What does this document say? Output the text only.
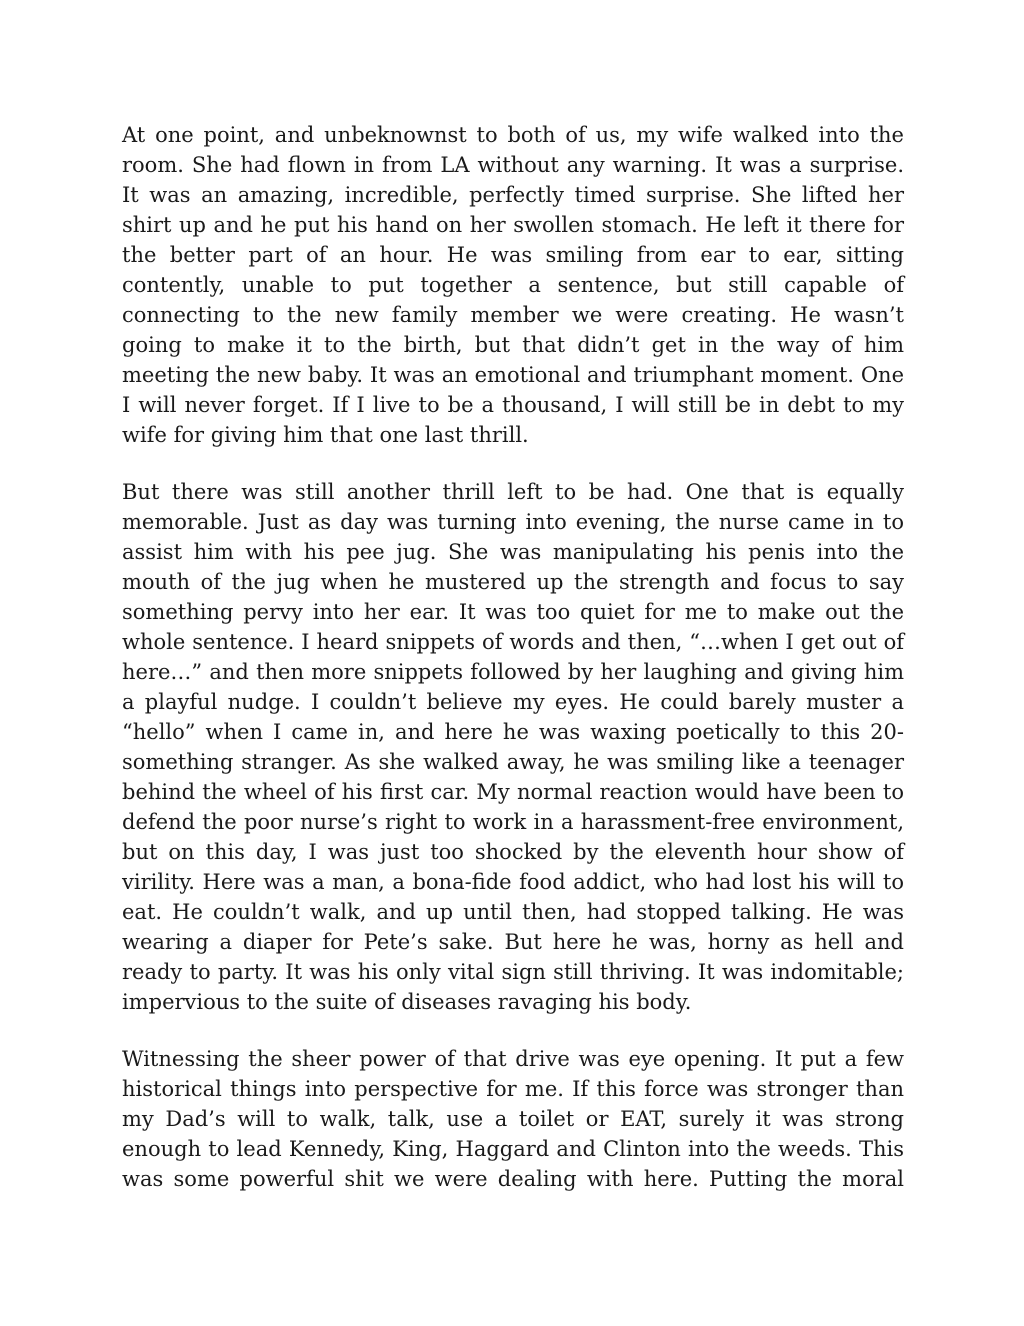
At one point, and unbeknownst to both of us, my wife walked into the room. She had flown in from LA without any warning. It was a surprise. It was an amazing, incredible, perfectly timed surprise. She lifted her shirt up and he put his hand on her swollen stomach. He left it there for the better part of an hour. He was smiling from ear to ear, sitting contently, unable to put together a sentence, but still capable of connecting to the new family member we were creating. He wasn’t going to make it to the birth, but that didn’t get in the way of him meeting the new baby. It was an emotional and triumphant moment. One I will never forget. If I live to be a thousand, I will still be in debt to my wife for giving him that one last thrill.

But there was still another thrill left to be had. One that is equally memorable. Just as day was turning into evening, the nurse came in to assist him with his pee jug. She was manipulating his penis into the mouth of the jug when he mustered up the strength and focus to say something pervy into her ear. It was too quiet for me to make out the whole sentence. I heard snippets of words and then, “…when I get out of here…” and then more snippets followed by her laughing and giving him a playful nudge. I couldn’t believe my eyes. He could barely muster a “hello” when I came in, and here he was waxing poetically to this 20-something stranger. As she walked away, he was smiling like a teenager behind the wheel of his first car. My normal reaction would have been to defend the poor nurse’s right to work in a harassment-free environment, but on this day, I was just too shocked by the eleventh hour show of virility. Here was a man, a bona-fide food addict, who had lost his will to eat. He couldn’t walk, and up until then, had stopped talking. He was wearing a diaper for Pete’s sake. But here he was, horny as hell and ready to party. It was his only vital sign still thriving. It was indomitable; impervious to the suite of diseases ravaging his body.

Witnessing the sheer power of that drive was eye opening. It put a few historical things into perspective for me. If this force was stronger than my Dad’s will to walk, talk, use a toilet or EAT, surely it was strong enough to lead Kennedy, King, Haggard and Clinton into the weeds. This was some powerful shit we were dealing with here. Putting the moral
